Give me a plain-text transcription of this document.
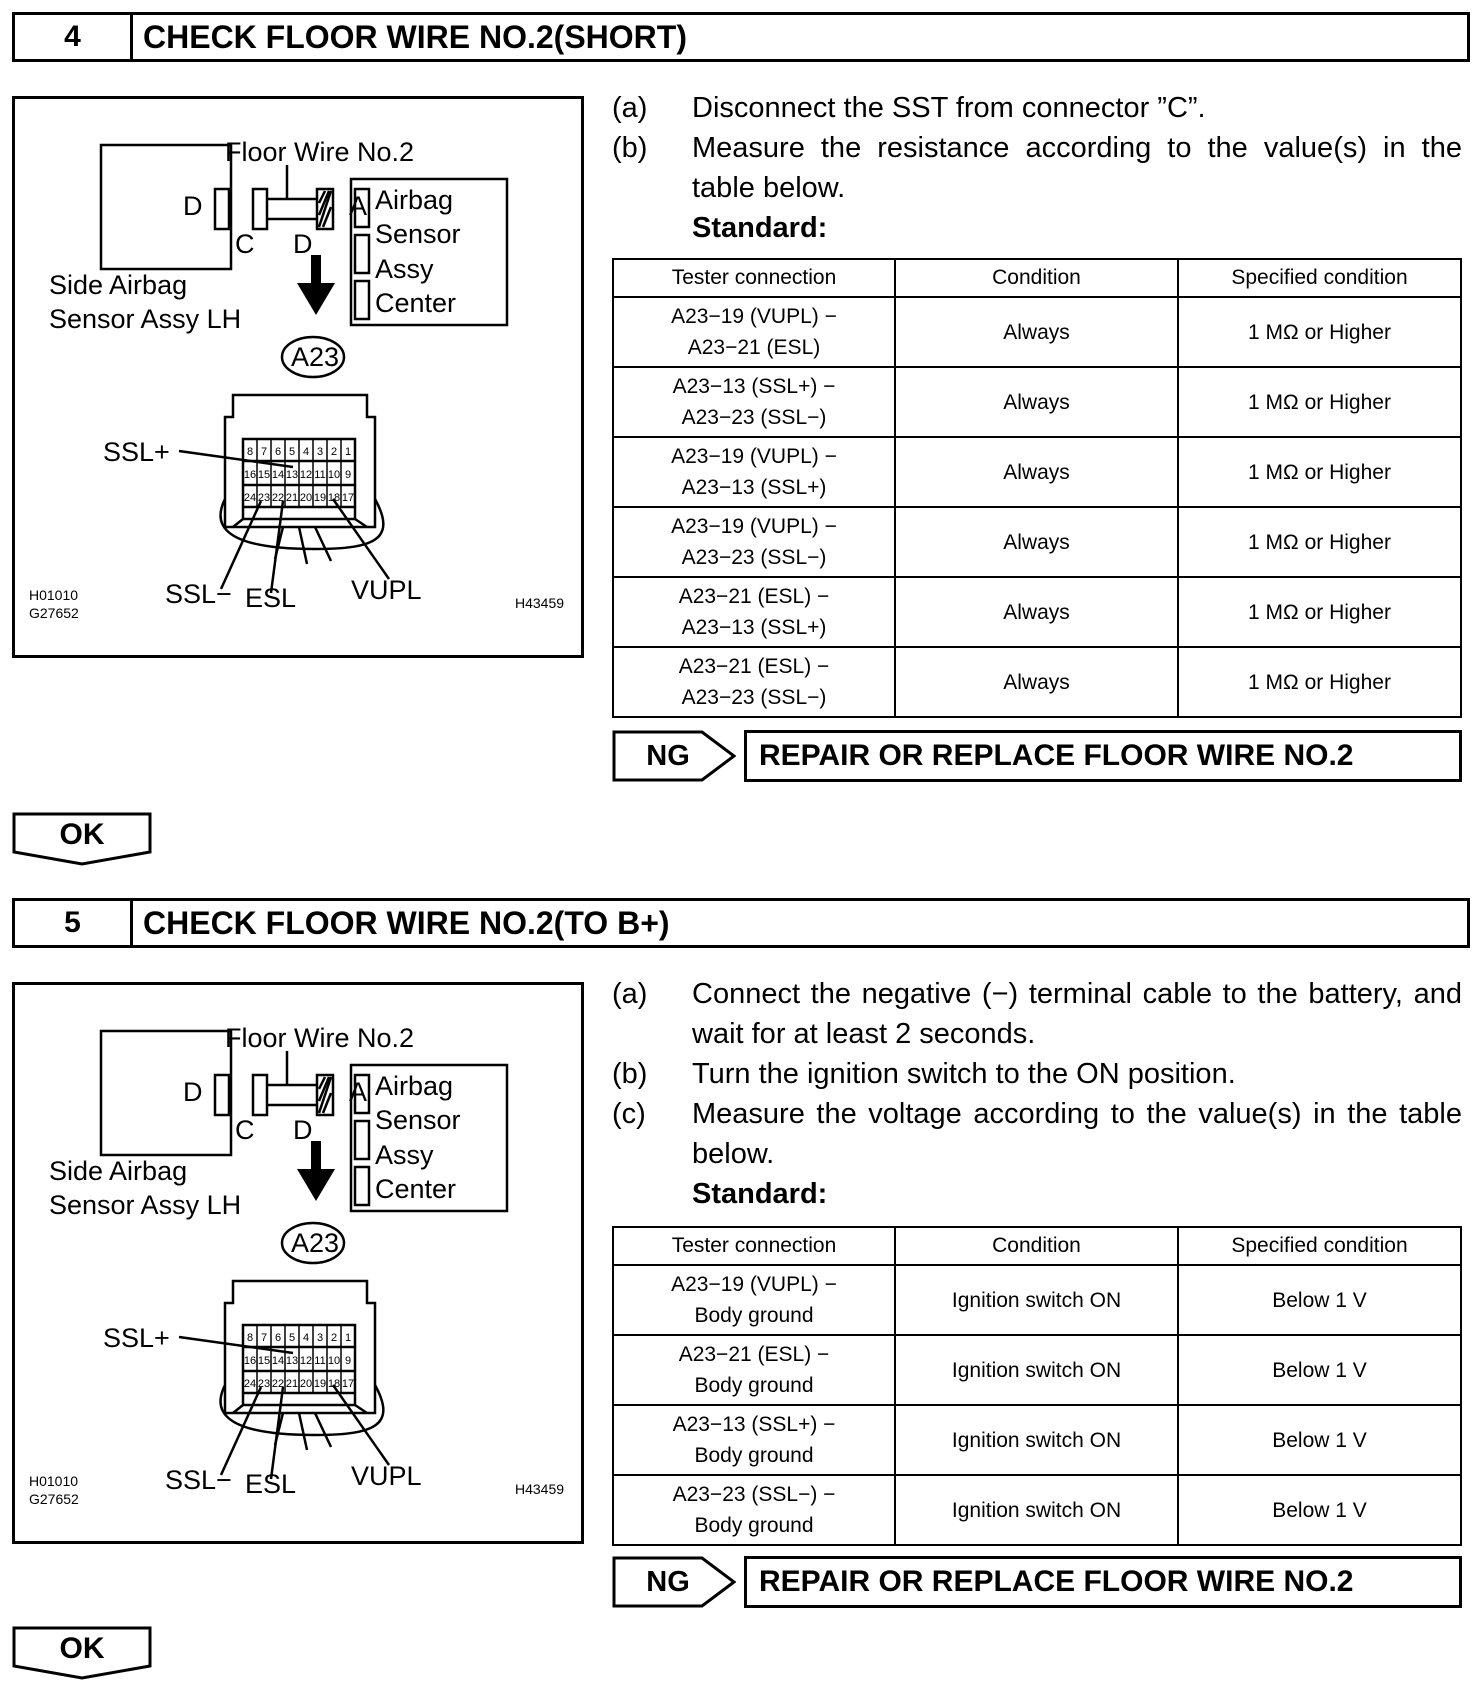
4	CHECK FLOOR WIRE NO.2(SHORT)
8 7 6 5 4 3 2 1
16 15 14 13 12 11 10 9
24 23 22 21 20 19 18 17
Floor Wire No.2
D
C D
A Airbag
Sensor
Assy
Center
Side Airbag
Sensor Assy LH
A23
SSL+
SSL− ESL VUPL
H01010
G27652
H43459
(a)	Disconnect the SST from connector ”C”.
(b)	Measure the resistance according to the value(s) in the table below.
Standard:
Tester connection	Condition	Specified condition

A23−19 (VUPL) −
A23−21 (ESL)	Always	1 MΩ or Higher

A23−13 (SSL+) −
A23−23 (SSL−)	Always	1 MΩ or Higher

A23−19 (VUPL) −
A23−13 (SSL+)	Always	1 MΩ or Higher

A23−19 (VUPL) −
A23−23 (SSL−)	Always	1 MΩ or Higher

A23−21 (ESL) −
A23−13 (SSL+)	Always	1 MΩ or Higher

A23−21 (ESL) −
A23−23 (SSL−)	Always	1 MΩ or Higher
NG	REPAIR OR REPLACE FLOOR WIRE NO.2
OK
5	CHECK FLOOR WIRE NO.2(TO B+)
8 7 6 5 4 3 2 1
16 15 14 13 12 11 10 9
24 23 22 21 20 19 18 17
Floor Wire No.2
D
C D
A Airbag
Sensor
Assy
Center
Side Airbag
Sensor Assy LH
A23
SSL+
SSL− ESL VUPL
H01010
G27652
H43459
(a)	Connect the negative (−) terminal cable to the battery, and wait for at least 2 seconds.
(b)	Turn the ignition switch to the ON position.
(c)	Measure the voltage according to the value(s) in the table below.
Standard:
Tester connection	Condition	Specified condition

A23−19 (VUPL) −
Body ground	Ignition switch ON	Below 1 V

A23−21 (ESL) −
Body ground	Ignition switch ON	Below 1 V

A23−13 (SSL+) −
Body ground	Ignition switch ON	Below 1 V

A23−23 (SSL−) −
Body ground	Ignition switch ON	Below 1 V
NG	REPAIR OR REPLACE FLOOR WIRE NO.2
OK
